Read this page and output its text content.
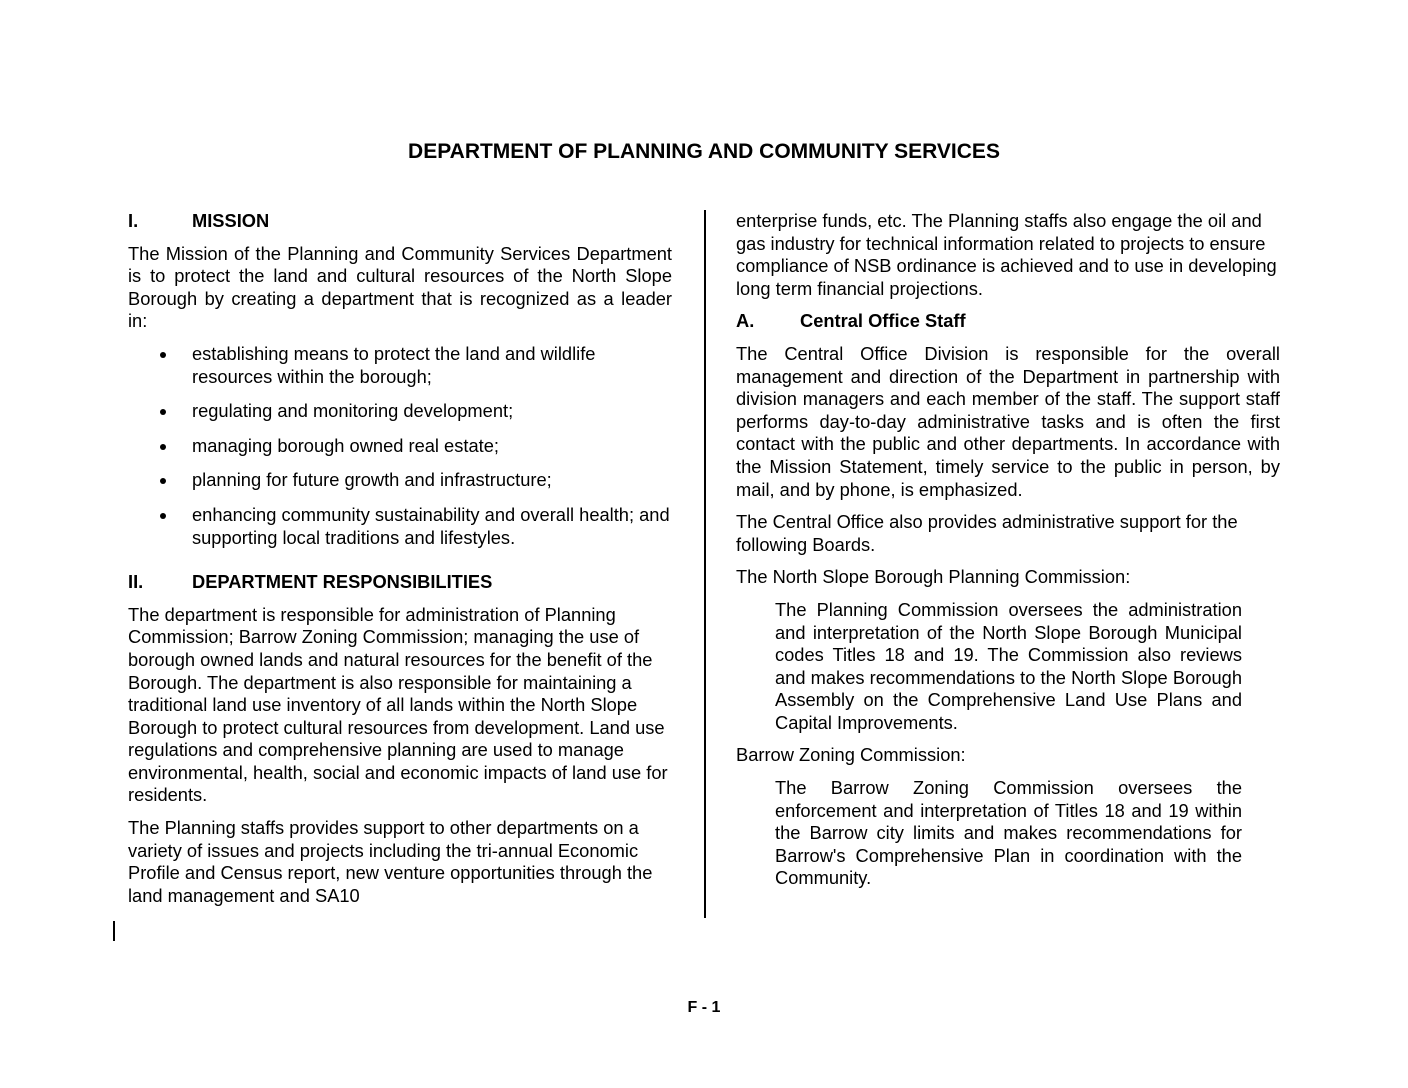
DEPARTMENT OF PLANNING AND COMMUNITY SERVICES
I.	MISSION

The Mission of the Planning and Community Services Department is to protect the land and cultural resources of the North Slope Borough by creating a department that is recognized as a leader in:

establishing means to protect the land and wildlife resources within the borough;
regulating and monitoring development;
managing borough owned real estate;
planning for future growth and infrastructure;
enhancing community sustainability and overall health; and supporting local traditions and lifestyles.
II.	DEPARTMENT RESPONSIBILITIES

The department is responsible for administration of Planning Commission; Barrow Zoning Commission; managing the use of borough owned lands and natural resources for the benefit of the Borough. The department is also responsible for maintaining a traditional land use inventory of all lands within the North Slope Borough to protect cultural resources from development. Land use regulations and comprehensive planning are used to manage environmental, health, social and economic impacts of land use for residents.

The Planning staffs provides support to other departments on a variety of issues and projects including the tri-annual Economic Profile and Census report, new venture opportunities through the land management and SA10

enterprise funds, etc. The Planning staffs also engage the oil and gas industry for technical information related to projects to ensure compliance of NSB ordinance is achieved and to use in developing long term financial projections.

A.	Central Office Staff

The Central Office Division is responsible for the overall management and direction of the Department in partnership with division managers and each member of the staff. The support staff performs day-to-day administrative tasks and is often the first contact with the public and other departments. In accordance with the Mission Statement, timely service to the public in person, by mail, and by phone, is emphasized.

The Central Office also provides administrative support for the following Boards.

The North Slope Borough Planning Commission:

The Planning Commission oversees the administration and interpretation of the North Slope Borough Municipal codes Titles 18 and 19. The Commission also reviews and makes recommendations to the North Slope Borough Assembly on the Comprehensive Land Use Plans and Capital Improvements.

Barrow Zoning Commission:

The Barrow Zoning Commission oversees the enforcement and interpretation of Titles 18 and 19 within the Barrow city limits and makes recommendations for Barrow's Comprehensive Plan in coordination with the Community.

F - 1
